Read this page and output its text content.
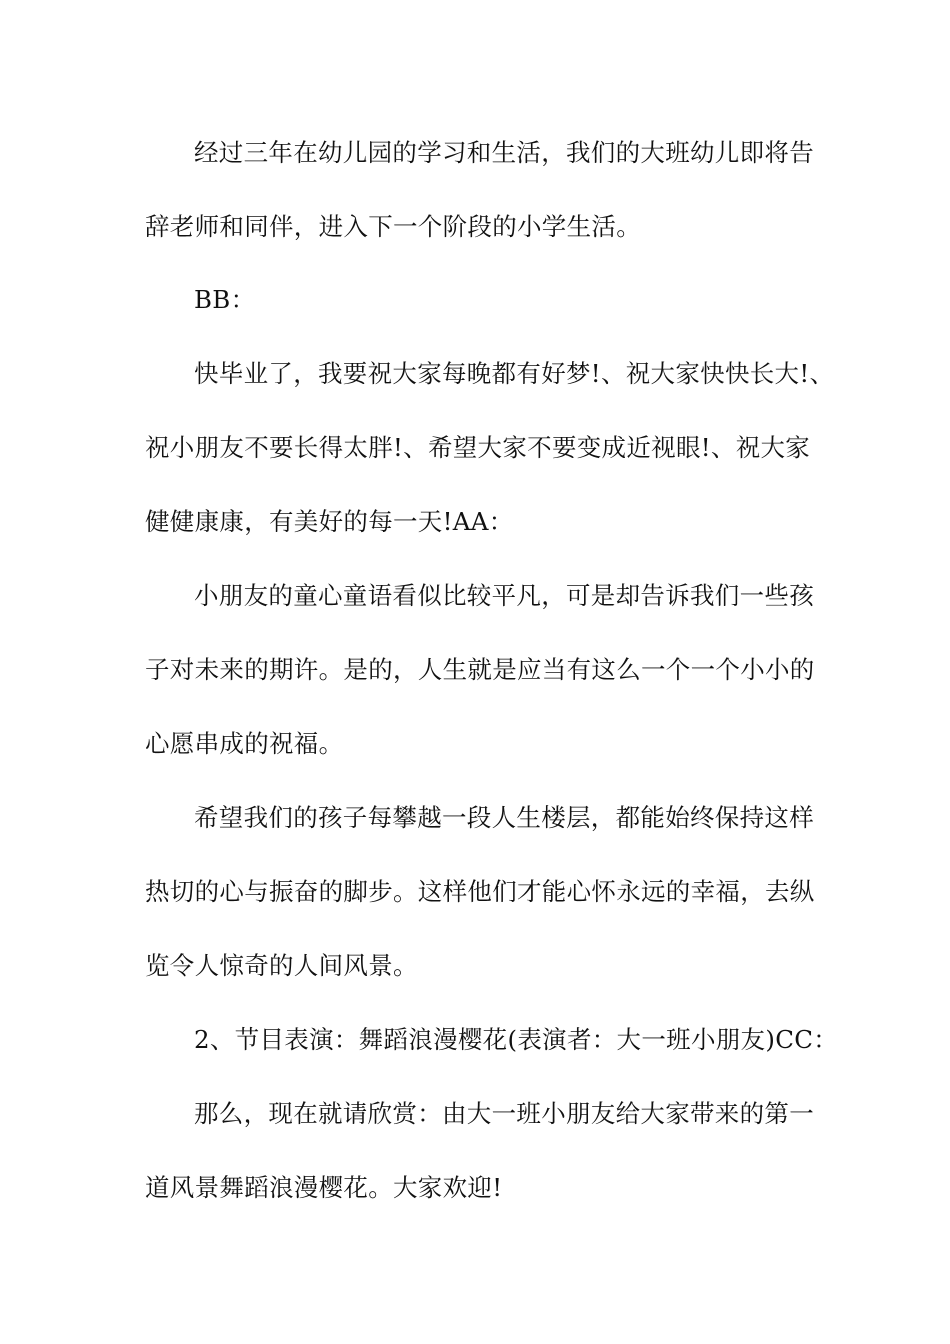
经过三年在幼儿园的学习和生活，我们的大班幼儿即将告
辞老师和同伴，进入下一个阶段的小学生活。
BB：
快毕业了，我要祝大家每晚都有好梦!、祝大家快快长大!、
祝小朋友不要长得太胖!、希望大家不要变成近视眼!、祝大家
健健康康，有美好的每一天!AA：
小朋友的童心童语看似比较平凡，可是却告诉我们一些孩
子对未来的期许。是的，人生就是应当有这么一个一个小小的
心愿串成的祝福。
希望我们的孩子每攀越一段人生楼层，都能始终保持这样
热切的心与振奋的脚步。这样他们才能心怀永远的幸福，去纵
览令人惊奇的人间风景。
2、节目表演：舞蹈浪漫樱花(表演者：大一班小朋友)CC：
那么，现在就请欣赏：由大一班小朋友给大家带来的第一
道风景舞蹈浪漫樱花。大家欢迎!
